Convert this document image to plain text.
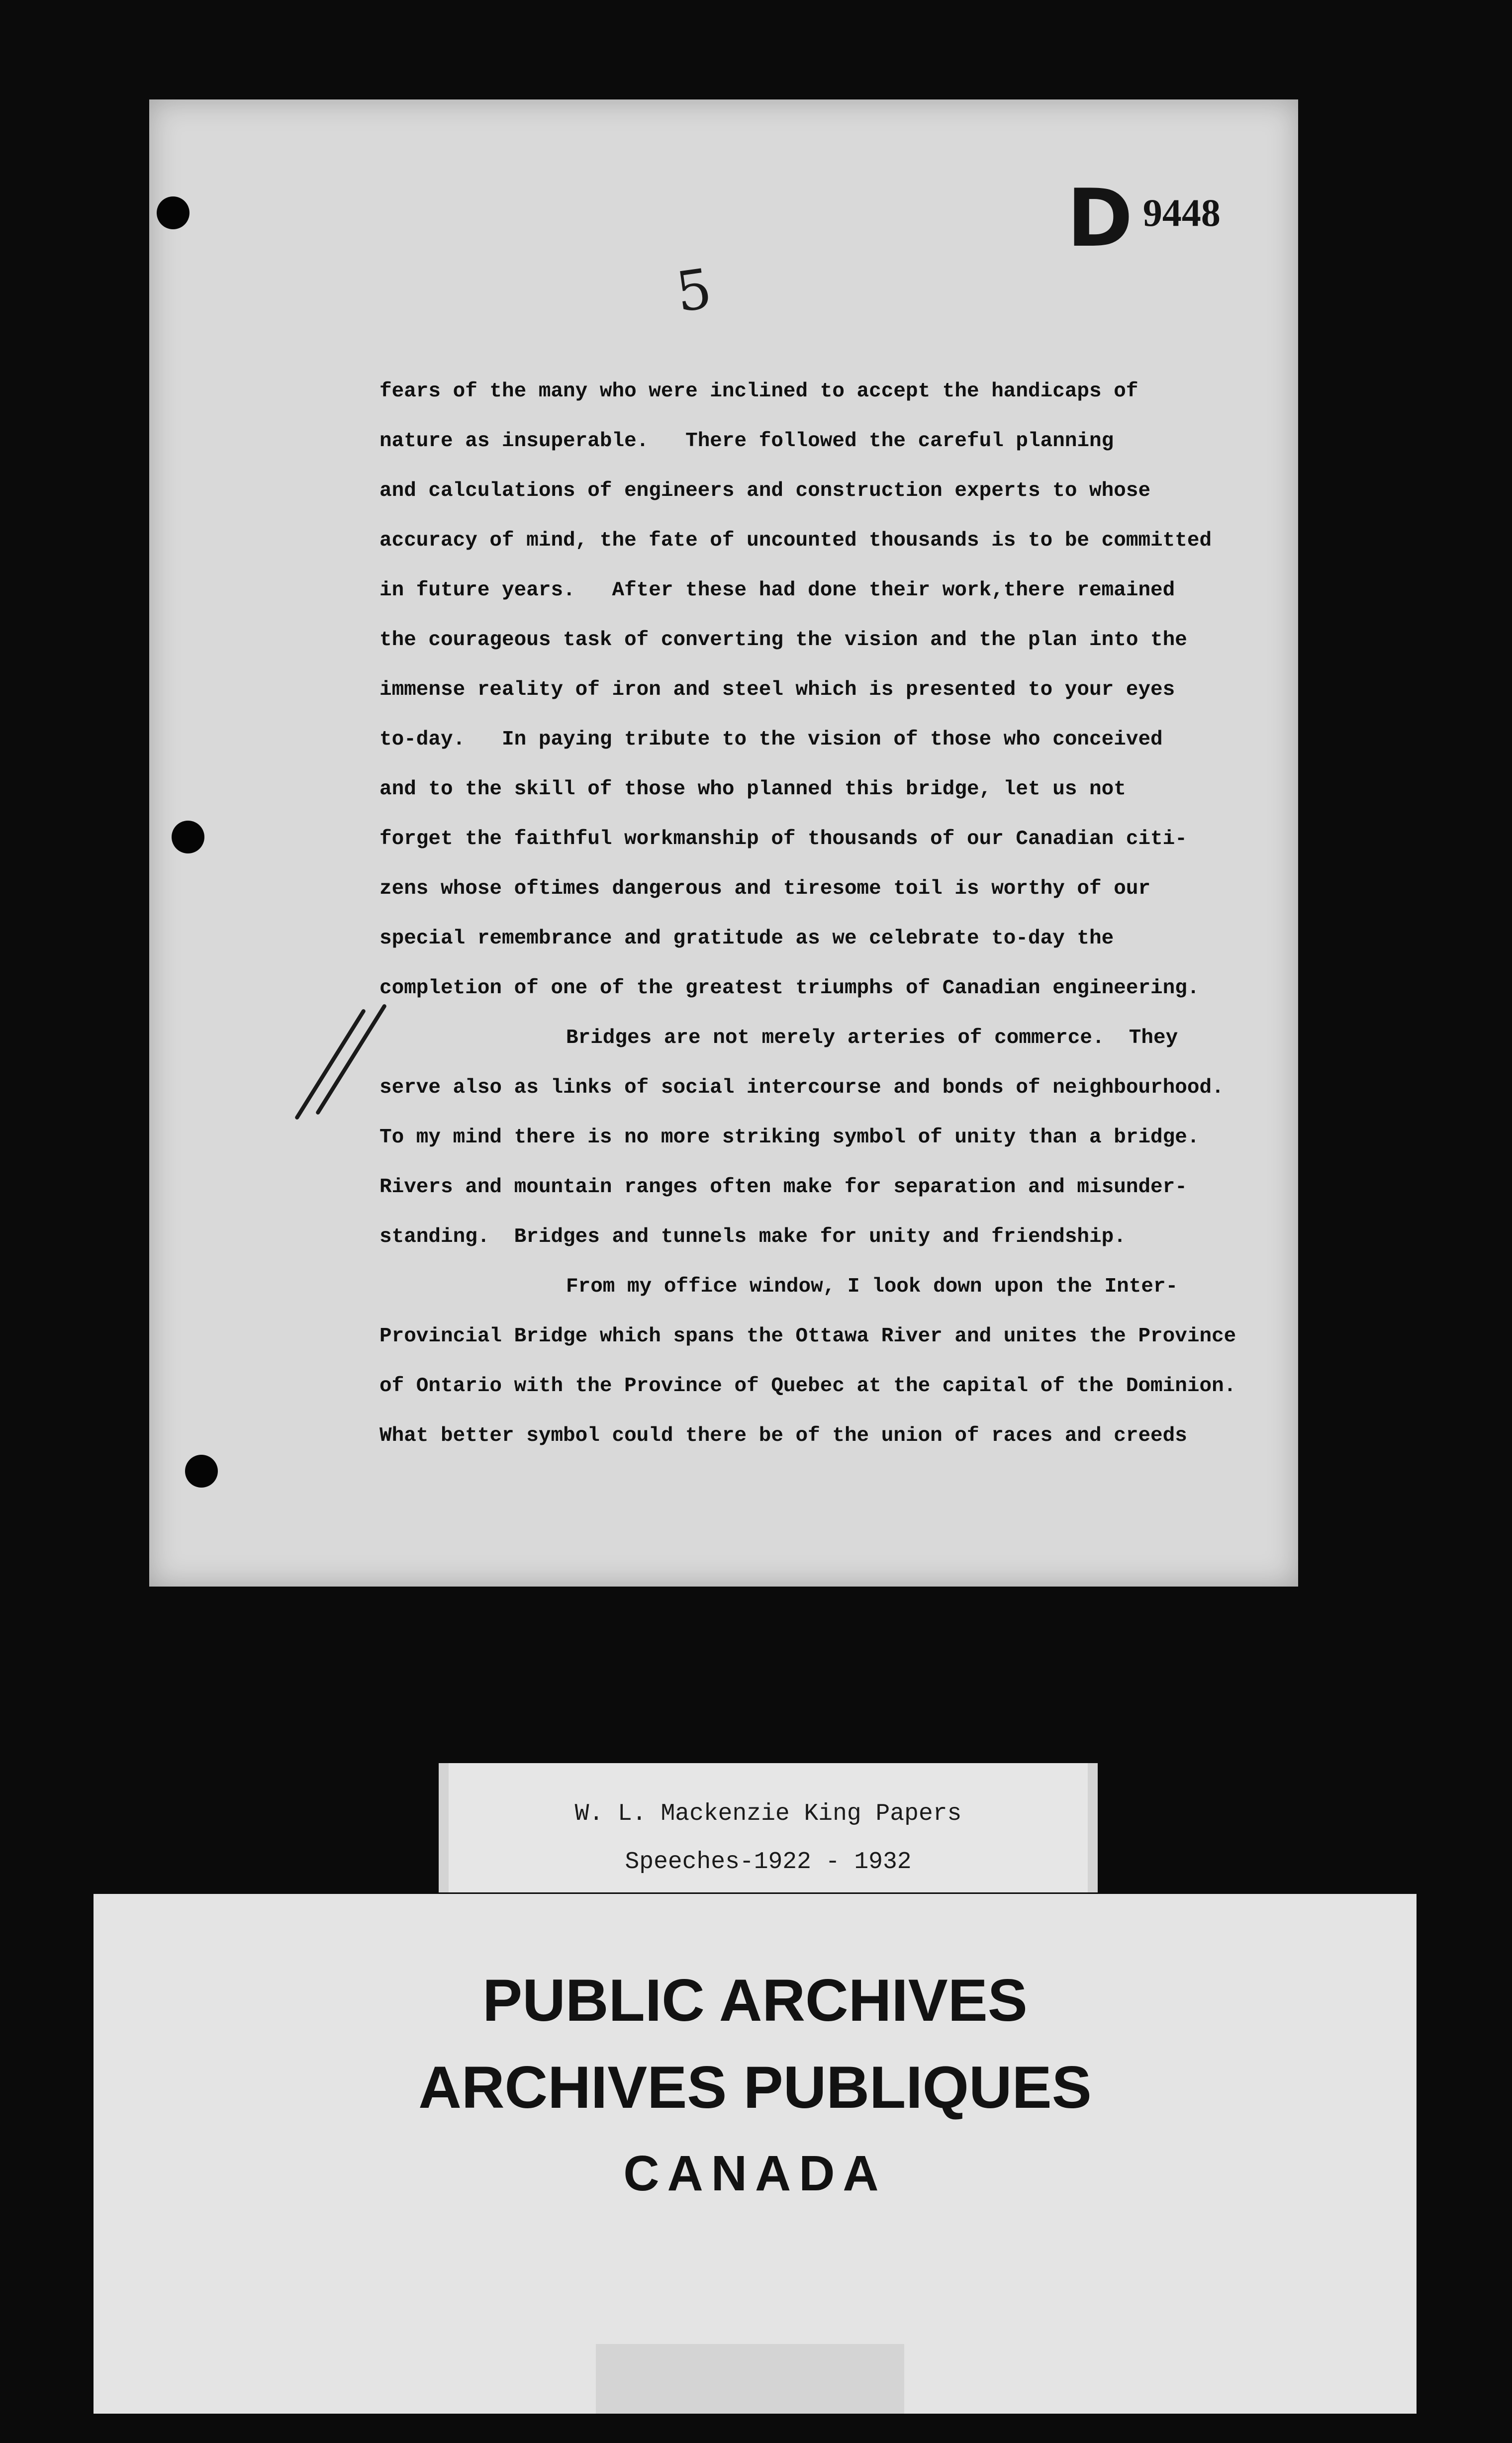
D 9448
5
fears of the many who were inclined to accept the handicaps of
nature as insuperable.   There followed the careful planning
and calculations of engineers and construction experts to whose
accuracy of mind, the fate of uncounted thousands is to be committed
in future years.   After these had done their work,there remained
the courageous task of converting the vision and the plan into the
immense reality of iron and steel which is presented to your eyes
to-day.   In paying tribute to the vision of those who conceived
and to the skill of those who planned this bridge, let us not
forget the faithful workmanship of thousands of our Canadian citi-
zens whose oftimes dangerous and tiresome toil is worthy of our
special remembrance and gratitude as we celebrate to-day the
completion of one of the greatest triumphs of Canadian engineering.
Bridges are not merely arteries of commerce.  They
serve also as links of social intercourse and bonds of neighbourhood.
To my mind there is no more striking symbol of unity than a bridge.
Rivers and mountain ranges often make for separation and misunder-
standing.  Bridges and tunnels make for unity and friendship.
From my office window, I look down upon the Inter-
Provincial Bridge which spans the Ottawa River and unites the Province
of Ontario with the Province of Quebec at the capital of the Dominion.
What better symbol could there be of the union of races and creeds
W. L. Mackenzie King Papers
Speeches-1922 - 1932
PUBLIC ARCHIVES
ARCHIVES PUBLIQUES
CANADA
